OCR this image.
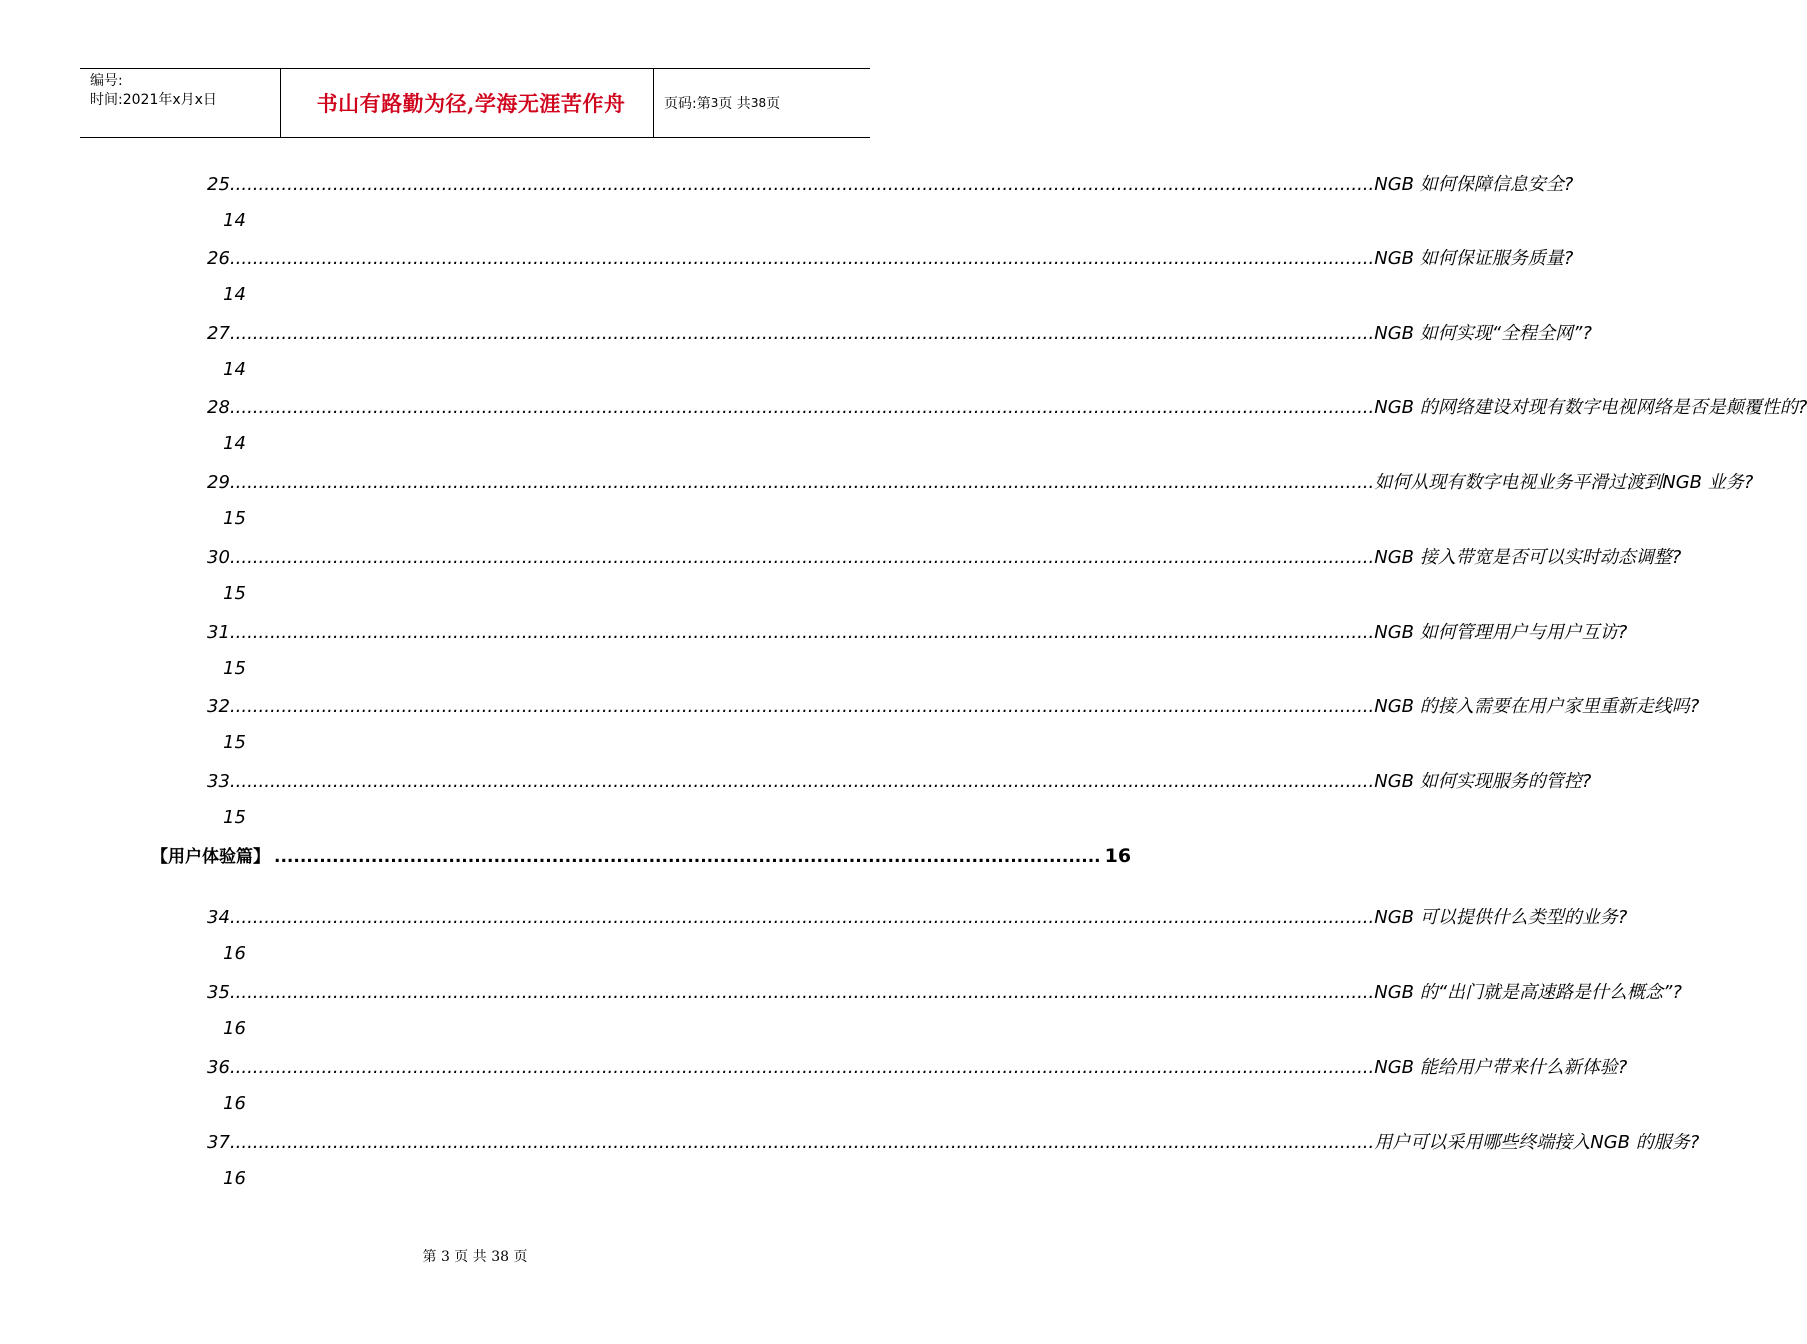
编号:
时间:2021年x月x日	书山有路勤为径,学海无涯苦作舟	页码:第 3 页 共 38 页
25 ........................................................................................................................................................................................................ NGB 如何保障信息安全?
14
26 ........................................................................................................................................................................................................ NGB 如何保证服务质量?
14
27 ........................................................................................................................................................................................................ NGB 如何实现“全程全网”?
14
28 ........................................................................................................................................................................................................ NGB 的网络建设对现有数字电视网络是否是颠覆性的?
14
29 ........................................................................................................................................................................................................ 如何从现有数字电视业务平滑过渡到NGB 业务?
15
30 ........................................................................................................................................................................................................ NGB 接入带宽是否可以实时动态调整?
15
31 ........................................................................................................................................................................................................ NGB 如何管理用户与用户互访?
15
32 ........................................................................................................................................................................................................ NGB 的接入需要在用户家里重新走线吗?
15
33 ........................................................................................................................................................................................................ NGB 如何实现服务的管控?
15
34 ........................................................................................................................................................................................................ NGB 可以提供什么类型的业务?
16
35 ........................................................................................................................................................................................................ NGB 的“出门就是高速路是什么概念”?
16
36 ........................................................................................................................................................................................................ NGB 能给用户带来什么新体验?
16
37 ........................................................................................................................................................................................................ 用户可以采用哪些终端接入NGB 的服务?
16
【用户体验篇】 ................................................................................................................................ 16
第 3 页 共 38 页
